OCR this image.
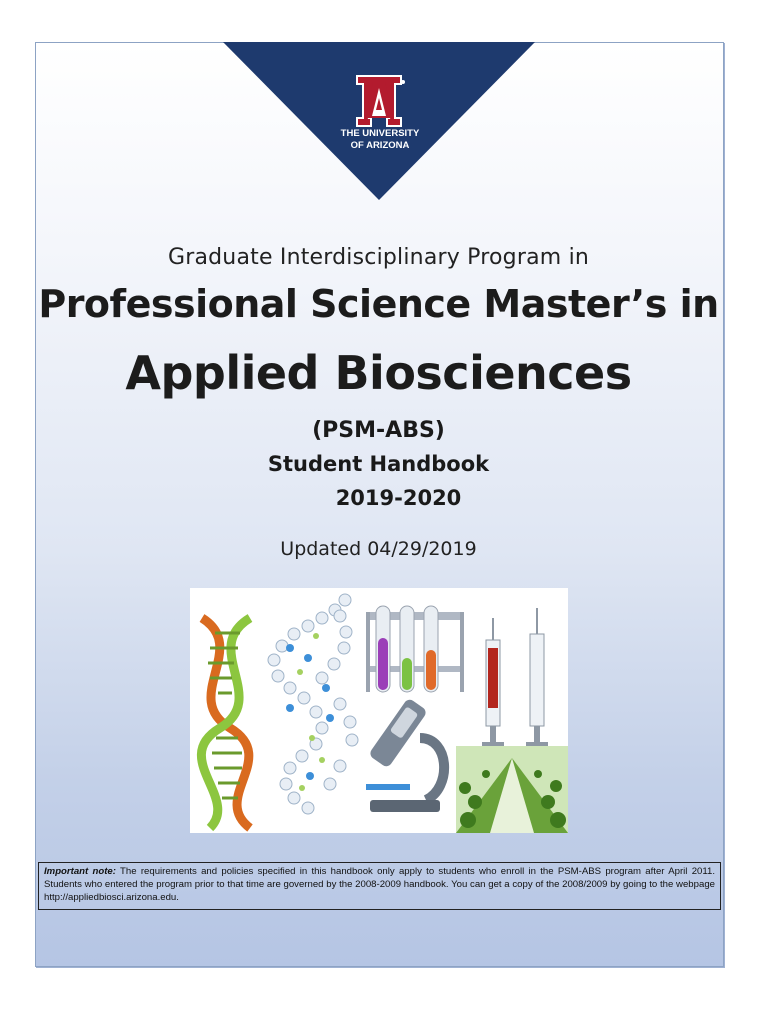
THE UNIVERSITY
OF ARIZONA
Graduate Interdisciplinary Program in
Professional Science Master’s in
Applied Biosciences
(PSM-ABS)
Student Handbook
2019-2020
Updated 04/29/2019
Important note: The requirements and policies specified in this handbook only apply to students who enroll in the PSM-ABS program after April 2011. Students who entered the program prior to that time are governed by the 2008-2009 handbook. You can get a copy of the 2008/2009 by going to the webpage http://appliedbiosci.arizona.edu.
